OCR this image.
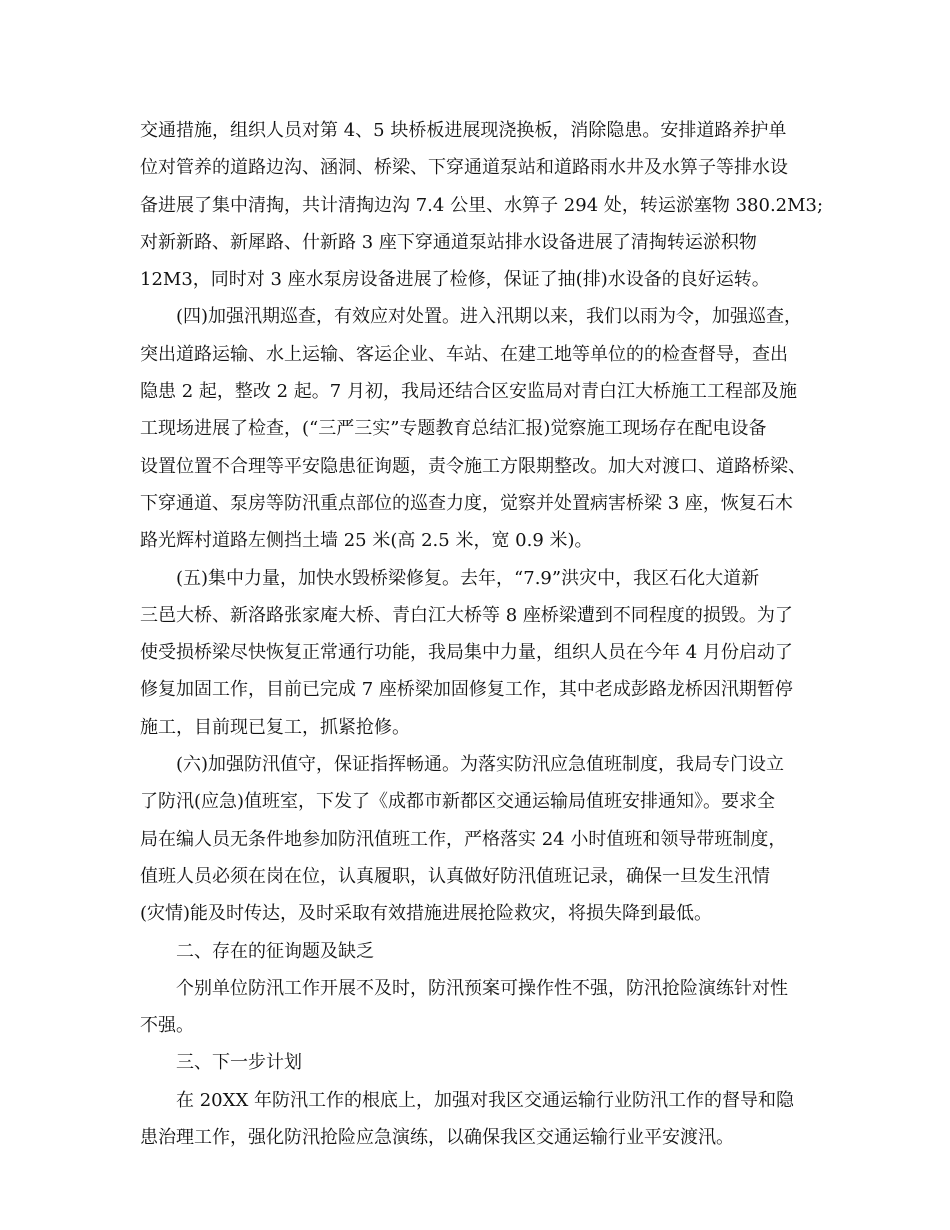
交通措施，组织人员对第 4、5 块桥板进展现浇换板，消除隐患。安排道路养护单
位对管养的道路边沟、涵洞、桥梁、下穿通道泵站和道路雨水井及水箅子等排水设
备进展了集中清掏，共计清掏边沟 7.4 公里、水箅子 294 处，转运淤塞物 380.2M3;
对新新路、新犀路、什新路 3 座下穿通道泵站排水设备进展了清掏转运淤积物
12M3，同时对 3 座水泵房设备进展了检修，保证了抽(排)水设备的良好运转。
(四)加强汛期巡查，有效应对处置。进入汛期以来，我们以雨为令，加强巡查，
突出道路运输、水上运输、客运企业、车站、在建工地等单位的的检查督导，查出
隐患 2 起，整改 2 起。7 月初，我局还结合区安监局对青白江大桥施工工程部及施
工现场进展了检查，(“三严三实”专题教育总结汇报)觉察施工现场存在配电设备
设置位置不合理等平安隐患征询题，责令施工方限期整改。加大对渡口、道路桥梁、
下穿通道、泵房等防汛重点部位的巡查力度，觉察并处置病害桥梁 3 座，恢复石木
路光辉村道路左侧挡土墙 25 米(高 2.5 米，宽 0.9 米)。
(五)集中力量，加快水毁桥梁修复。去年，“7.9”洪灾中，我区石化大道新
三邑大桥、新洛路张家庵大桥、青白江大桥等 8 座桥梁遭到不同程度的损毁。为了
使受损桥梁尽快恢复正常通行功能，我局集中力量，组织人员在今年 4 月份启动了
修复加固工作，目前已完成 7 座桥梁加固修复工作，其中老成彭路龙桥因汛期暂停
施工，目前现已复工，抓紧抢修。
(六)加强防汛值守，保证指挥畅通。为落实防汛应急值班制度，我局专门设立
了防汛(应急)值班室，下发了《成都市新都区交通运输局值班安排通知》。要求全
局在编人员无条件地参加防汛值班工作，严格落实 24 小时值班和领导带班制度，
值班人员必须在岗在位，认真履职，认真做好防汛值班记录，确保一旦发生汛情
(灾情)能及时传达，及时采取有效措施进展抢险救灾，将损失降到最低。
二、存在的征询题及缺乏
个别单位防汛工作开展不及时，防汛预案可操作性不强，防汛抢险演练针对性
不强。
三、下一步计划
在 20XX 年防汛工作的根底上，加强对我区交通运输行业防汛工作的督导和隐
患治理工作，强化防汛抢险应急演练，以确保我区交通运输行业平安渡汛。
